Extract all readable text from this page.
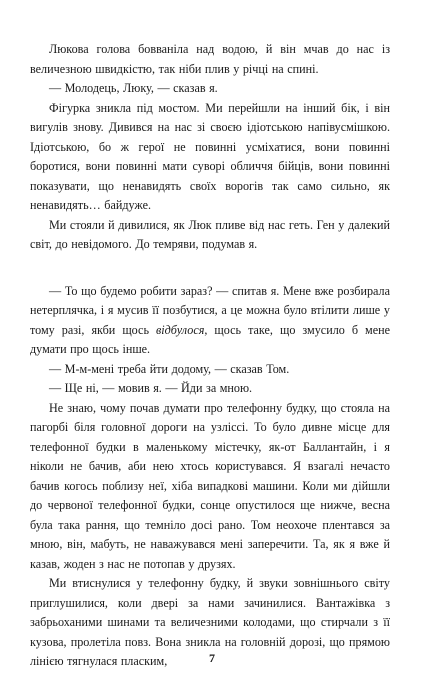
Люкова голова бовваніла над водою, й він мчав до нас із величезною швидкістю, так ніби плив у річці на спині.

— Молодець, Люку, — сказав я.

Фігурка зникла під мостом. Ми перейшли на інший бік, і він вигулів знову. Дивився на нас зі своєю ідіотською напівусмішкою. Ідіотською, бо ж герої не повинні усміхатися, вони повинні боротися, вони повинні мати суворі обличчя бійців, вони повинні показувати, що ненавидять своїх ворогів так само сильно, як ненавидять… байдуже.

Ми стояли й дивилися, як Люк пливе від нас геть. Ген у далекий світ, до невідомого. До темряви, подумав я.

— То що будемо робити зараз? — спитав я. Мене вже розбирала нетерплячка, і я мусив її позбутися, а це можна було втілити лише у тому разі, якби щось відбулося, щось таке, що змусило б мене думати про щось інше.

— М-м-мені треба йти додому, — сказав Том.

— Ще ні, — мовив я. — Йди за мною.

Не знаю, чому почав думати про телефонну будку, що стояла на пагорбі біля головної дороги на узліссі. То було дивне місце для телефонної будки в маленькому містечку, як-от Баллантайн, і я ніколи не бачив, аби нею хтось користувався. Я взагалі нечасто бачив когось поблизу неї, хіба випадкові машини. Коли ми дійшли до червоної телефонної будки, сонце опустилося ще нижче, весна була така рання, що темніло досі рано. Том неохоче плентався за мною, він, мабуть, не наважувався мені заперечити. Та, як я вже й казав, жоден з нас не потопав у друзях.

Ми втиснулися у телефонну будку, й звуки зовнішнього світу приглушилися, коли двері за нами зачинилися. Вантажівка з забрьоханими шинами та величезними колодами, що стирчали з її кузова, пролетіла повз. Вона зникла на головній дорозі, що прямою лінією тягнулася пласким,	7
